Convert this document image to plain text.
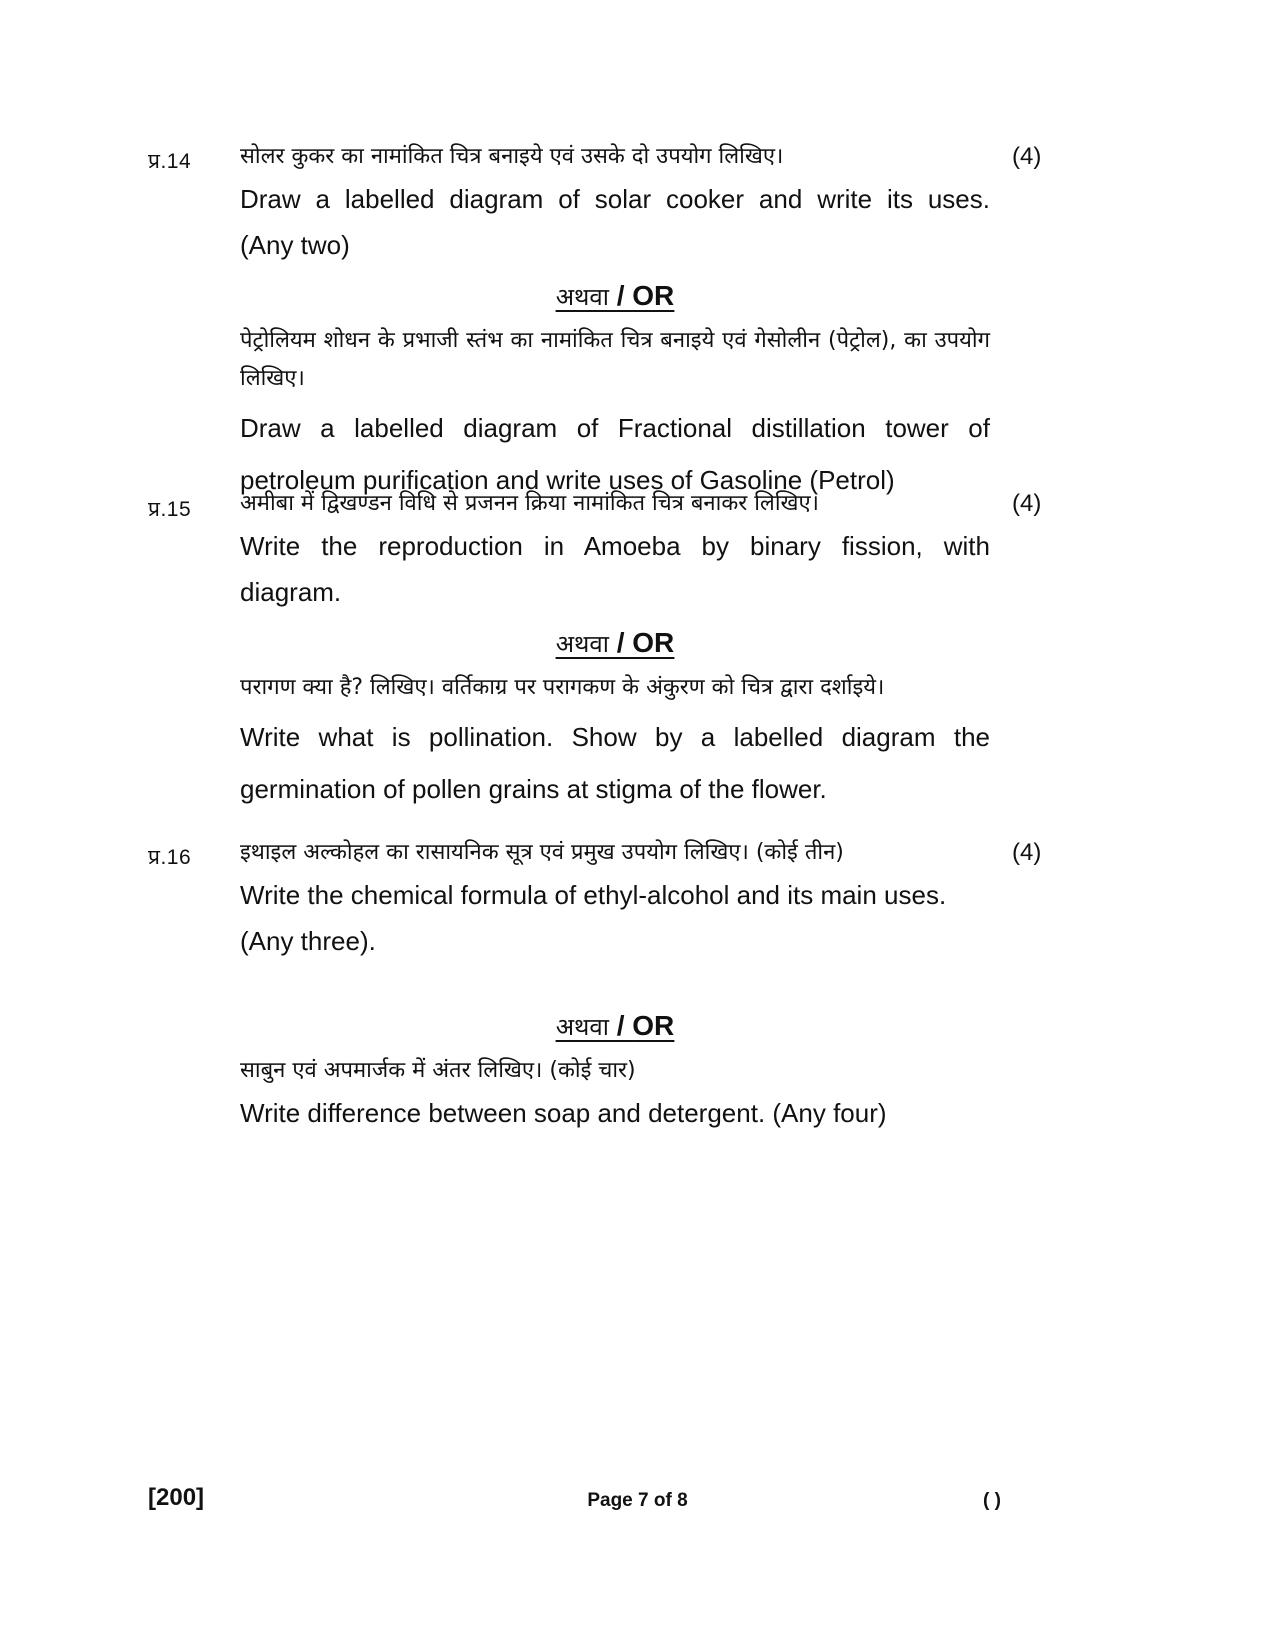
प्र.14	(4)

सोलर कुकर का नामांकित चित्र बनाइये एवं उसके दो उपयोग लिखिए।

Draw a labelled diagram of solar cooker and write its uses.

(Any two)

अथवा / OR

पेट्रोलियम शोधन के प्रभाजी स्तंभ का नामांकित चित्र बनाइये एवं गेसोलीन (पेट्रोल), का उपयोग लिखिए।

Draw a labelled diagram of Fractional distillation tower of

petroleum purification and write uses of Gasoline (Petrol)

प्र.15	(4)

अमीबा में द्विखण्डन विधि से प्रजनन क्रिया नामांकित चित्र बनाकर लिखिए।

Write the reproduction in Amoeba by binary fission, with

diagram.

अथवा / OR

परागण क्या है? लिखिए। वर्तिकाग्र पर परागकण के अंकुरण को चित्र द्वारा दर्शाइये।

Write what is pollination. Show by a labelled diagram the

germination of pollen grains at stigma of the flower.

प्र.16	(4)

इथाइल अल्कोहल का रासायनिक सूत्र एवं प्रमुख उपयोग लिखिए। (कोई तीन)

Write the chemical formula of ethyl-alcohol and its main uses.

(Any three).

अथवा / OR

साबुन एवं अपमार्जक में अंतर लिखिए। (कोई चार)

Write difference between soap and detergent. (Any four)

[200]	Page 7 of 8	( )
